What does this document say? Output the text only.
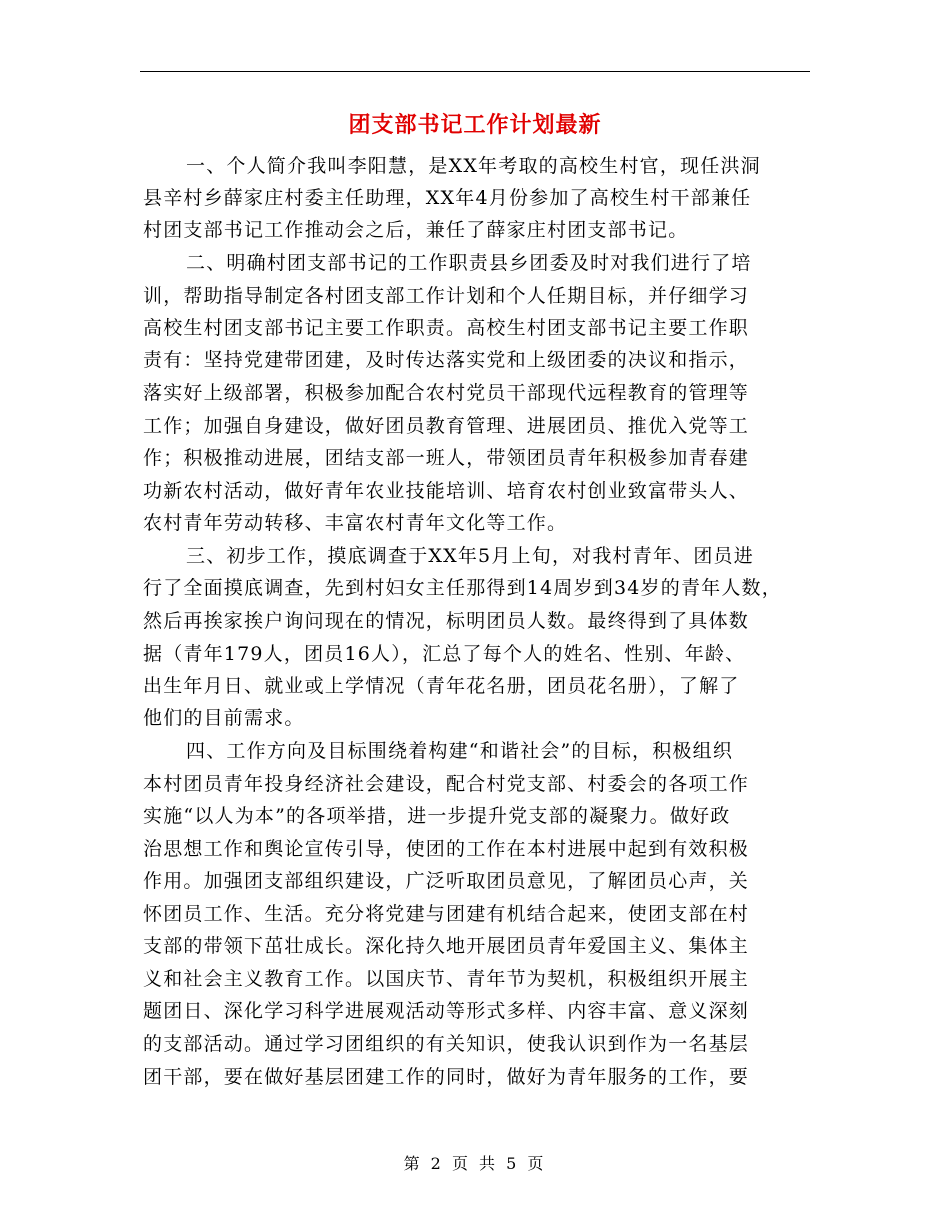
团支部书记工作计划最新
一、个人简介我叫李阳慧，是XX年考取的高校生村官，现任洪洞
县辛村乡薛家庄村委主任助理，XX年4月份参加了高校生村干部兼任
村团支部书记工作推动会之后，兼任了薛家庄村团支部书记。
二、明确村团支部书记的工作职责县乡团委及时对我们进行了培
训，帮助指导制定各村团支部工作计划和个人任期目标，并仔细学习
高校生村团支部书记主要工作职责。高校生村团支部书记主要工作职
责有：坚持党建带团建，及时传达落实党和上级团委的决议和指示，
落实好上级部署，积极参加配合农村党员干部现代远程教育的管理等
工作；加强自身建设，做好团员教育管理、进展团员、推优入党等工
作；积极推动进展，团结支部一班人，带领团员青年积极参加青春建
功新农村活动，做好青年农业技能培训、培育农村创业致富带头人、
农村青年劳动转移、丰富农村青年文化等工作。
三、初步工作，摸底调查于XX年5月上旬，对我村青年、团员进
行了全面摸底调查，先到村妇女主任那得到14周岁到34岁的青年人数，
然后再挨家挨户询问现在的情况，标明团员人数。最终得到了具体数
据（青年179人，团员16人），汇总了每个人的姓名、性别、年龄、
出生年月日、就业或上学情况（青年花名册，团员花名册），了解了
他们的目前需求。
四、工作方向及目标围绕着构建“和谐社会”的目标，积极组织
本村团员青年投身经济社会建设，配合村党支部、村委会的各项工作
实施“以人为本”的各项举措，进一步提升党支部的凝聚力。做好政
治思想工作和舆论宣传引导，使团的工作在本村进展中起到有效积极
作用。加强团支部组织建设，广泛听取团员意见，了解团员心声，关
怀团员工作、生活。充分将党建与团建有机结合起来，使团支部在村
支部的带领下茁壮成长。深化持久地开展团员青年爱国主义、集体主
义和社会主义教育工作。以国庆节、青年节为契机，积极组织开展主
题团日、深化学习科学进展观活动等形式多样、内容丰富、意义深刻
的支部活动。通过学习团组织的有关知识，使我认识到作为一名基层
团干部，要在做好基层团建工作的同时，做好为青年服务的工作，要
第 2 页 共 5 页
